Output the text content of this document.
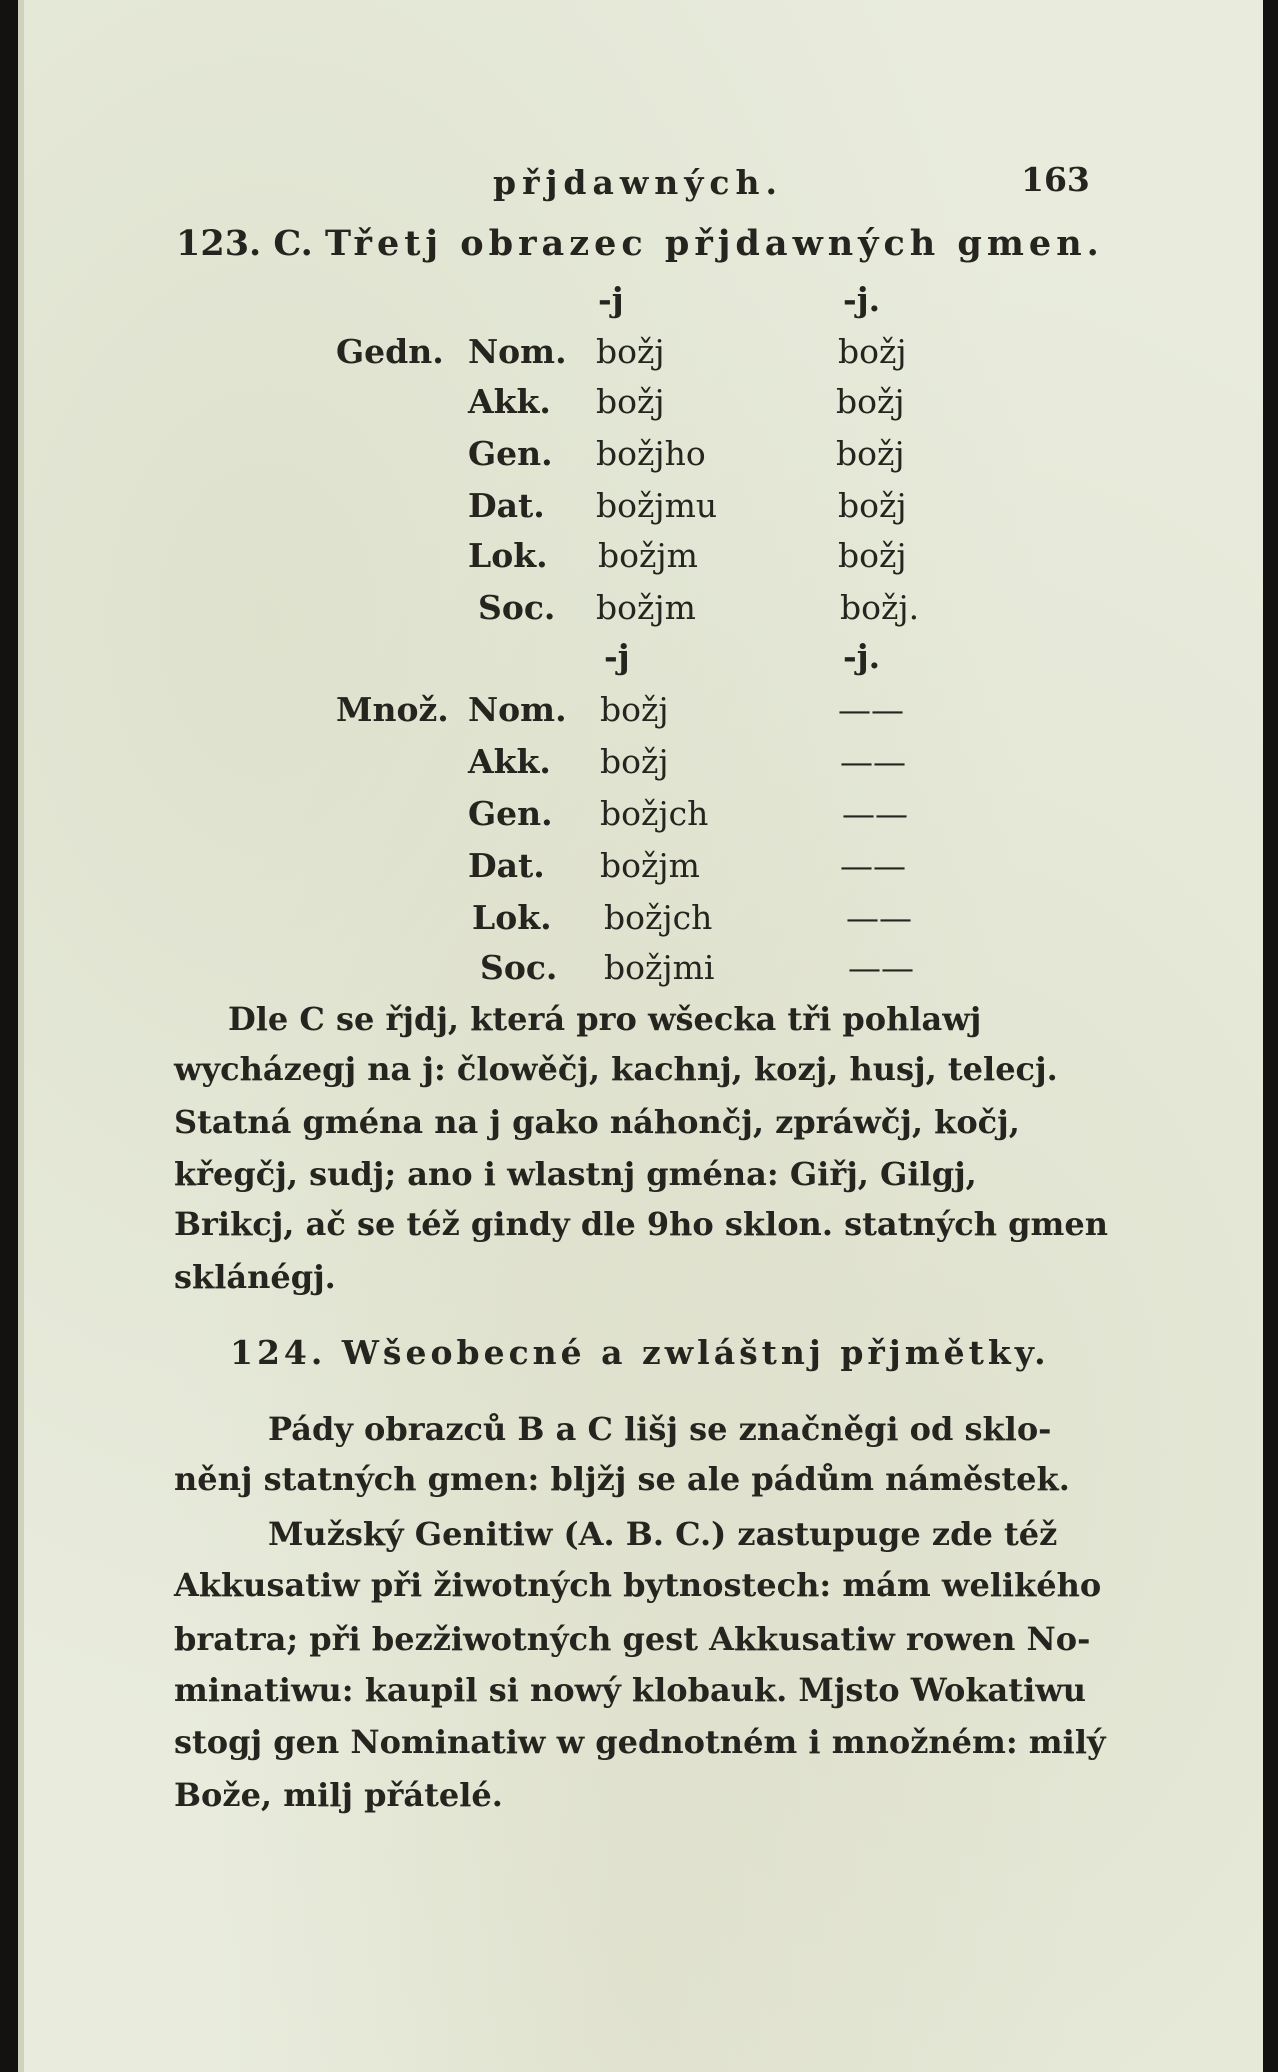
přjdawných.	163
123. C. Třetj obrazec přjdawných gmen.
-j	-j.
Gedn. Nom. božj	božj
Akk. božj	božj
Gen. božjho	božj
Dat. božjmu	božj
Lok. božjm	božj
Soc. božjm	božj.
-j	-j.
Množ. Nom. božj	——
Akk. božj	——
Gen. božjch	——
Dat. božjm	——
Lok. božjch	——
Soc. božjmi	——
Dle C se řjdj, která pro wšecka tři pohlawj
wycházegj na j: člowěčj, kachnj, kozj, husj, telecj.
Statná gména na j gako náhončj, zpráwčj, kočj,
křegčj, sudj; ano i wlastnj gména: Giřj, Gilgj,
Brikcj, ač se též gindy dle 9ho sklon. statných gmen
sklánégj.
124. Wšeobecné a zwláštnj přjmětky.
Pády obrazců B a C lišj se značněgi od sklo-
něnj statných gmen: bljžj se ale pádům náměstek.
Mužský Genitiw (A. B. C.) zastupuge zde též
Akkusatiw při žiwotných bytnostech: mám welikého
bratra; při bezžiwotných gest Akkusatiw rowen No-
minatiwu: kaupil si nowý klobauk. Mjsto Wokatiwu
stogj gen Nominatiw w gednotném i množném: milý
Bože, milj přátelé.
